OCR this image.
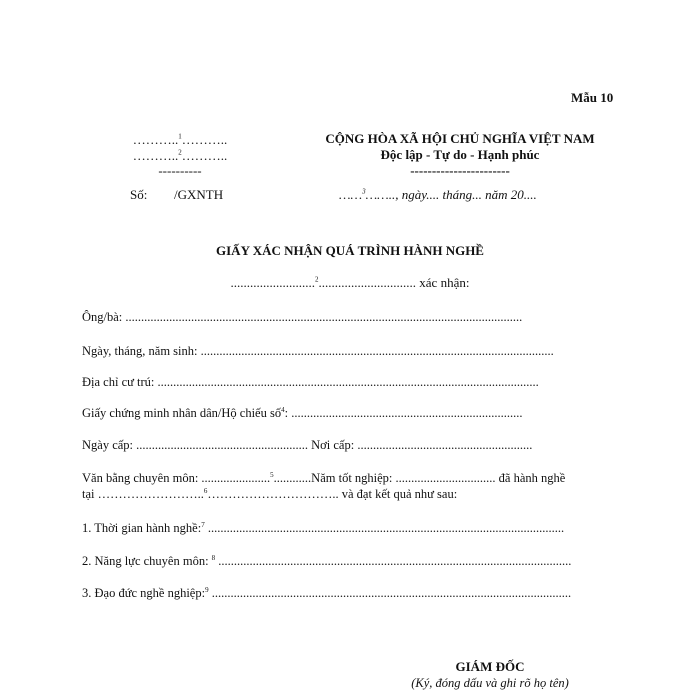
Mẫu 10
………..$^1$………..
………..$^2$………..
----------
CỘNG HÒA XÃ HỘI CHỦ NGHĨA VIỆT NAM
Độc lập - Tự do - Hạnh phúc
-----------------------
Số: /GXNTH	……$^3$…….., ngày.... tháng... năm 20....
GIẤY XÁC NHẬN QUÁ TRÌNH HÀNH NGHỀ
..........................$^2$.............................. xác nhận:
Ông/bà: ...............................................................................................................................
Ngày, tháng, năm sinh: .................................................................................................................
Địa chỉ cư trú: ..........................................................................................................................
Giấy chứng minh nhân dân/Hộ chiếu số$^4$: ..........................................................................
Ngày cấp: ....................................................... Nơi cấp: ........................................................
Văn bằng chuyên môn: ......................$^5$............Năm tốt nghiệp: ................................ đã hành nghề
tại ……………………..$^6$………………………….. và đạt kết quả như sau:
1. Thời gian hành nghề:$^7$ ..................................................................................................................
2. Năng lực chuyên môn: $^8$ .................................................................................................................
3. Đạo đức nghề nghiệp:$^9$ ...................................................................................................................
GIÁM ĐỐC
(Ký, đóng dấu và ghi rõ họ tên)
